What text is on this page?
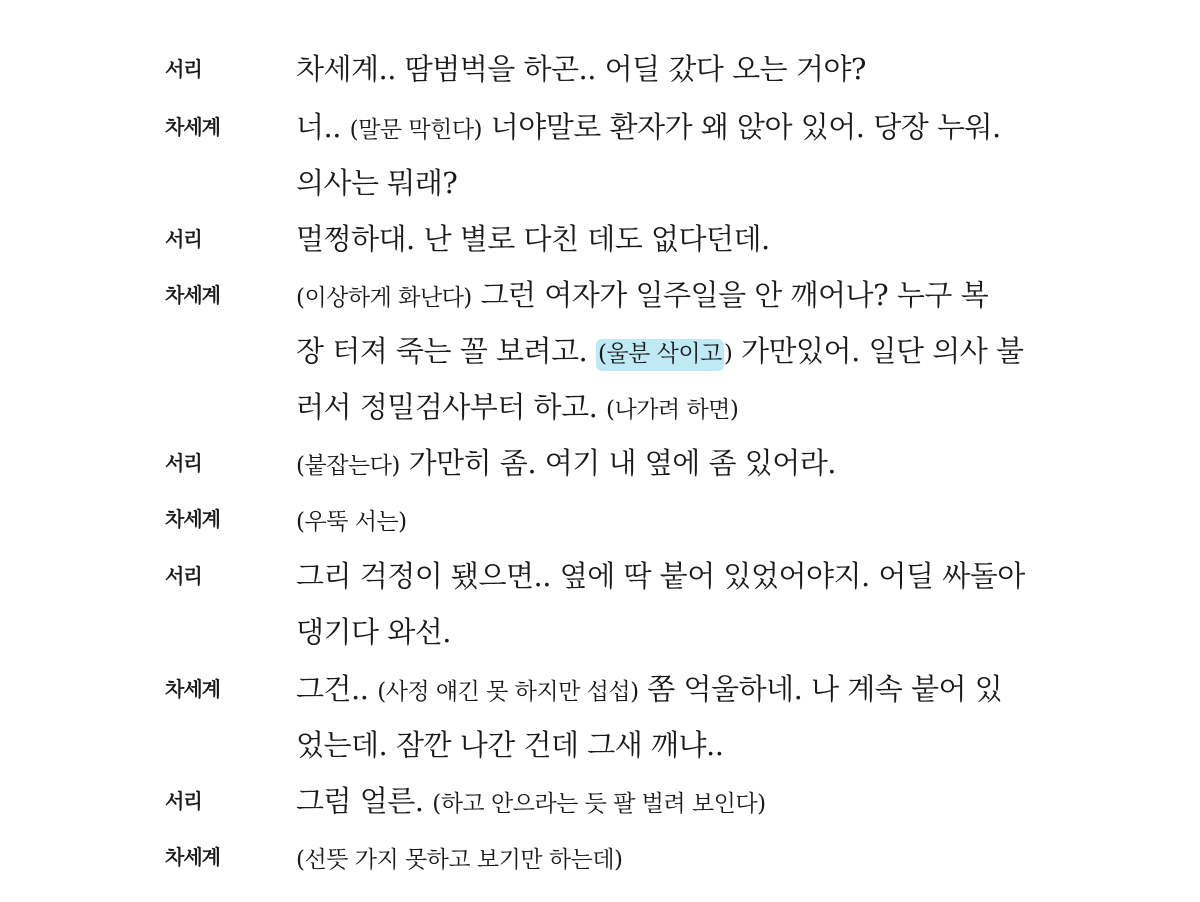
서리	차세계.. 땀범벅을 하곤.. 어딜 갔다 오는 거야?
차세계	너.. (말문 막힌다) 너야말로 환자가 왜 앉아 있어. 당장 누워.
의사는 뭐래?
서리	멀쩡하대. 난 별로 다친 데도 없다던데.
차세계	(이상하게 화난다) 그런 여자가 일주일을 안 깨어나? 누구 복
장 터져 죽는 꼴 보려고. (울분 삭이고) 가만있어. 일단 의사 불
러서 정밀검사부터 하고. (나가려 하면)
서리	(붙잡는다) 가만히 좀. 여기 내 옆에 좀 있어라.
차세계	(우뚝 서는)
서리	그리 걱정이 됐으면.. 옆에 딱 붙어 있었어야지. 어딜 싸돌아
댕기다 와선.
차세계	그건.. (사정 얘긴 못 하지만 섭섭) 쫌 억울하네. 나 계속 붙어 있
었는데. 잠깐 나간 건데 그새 깨냐..
서리	그럼 얼른. (하고 안으라는 듯 팔 벌려 보인다)
차세계	(선뜻 가지 못하고 보기만 하는데)
